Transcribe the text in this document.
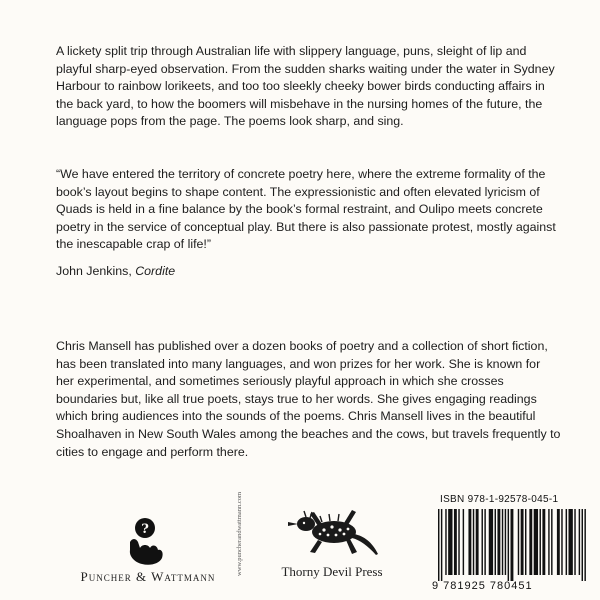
A lickety split trip through Australian life with slippery language, puns, sleight of lip and playful sharp-eyed observation. From the sudden sharks waiting under the water in Sydney Harbour to rainbow lorikeets, and too too sleekly cheeky bower birds conducting affairs in the back yard, to how the boomers will misbehave in the nursing homes of the future, the language pops from the page. The poems look sharp, and sing.

“We have entered the territory of concrete poetry here, where the extreme formality of the book’s layout begins to shape content. The expressionistic and often elevated lyricism of Quads is held in a fine balance by the book’s formal restraint, and Oulipo meets concrete poetry in the service of conceptual play. But there is also passionate protest, mostly against the inescapable crap of life!”

John Jenkins, Cordite

Chris Mansell has published over a dozen books of poetry and a collection of short fiction, has been translated into many languages, and won prizes for her work. She is known for her experimental, and sometimes seriously playful approach in which she crosses boundaries but, like all true poets, stays true to her words. She gives engaging readings which bring audiences into the sounds of the poems. Chris Mansell lives in the beautiful Shoalhaven in New South Wales among the beaches and the cows, but travels frequently to cities to engage and perform there.

?
Puncher & Wattmann
www.puncherandwattmann.com	Thorny Devil Press
ISBN 978-1-92578-045-1
9 781925 780451
